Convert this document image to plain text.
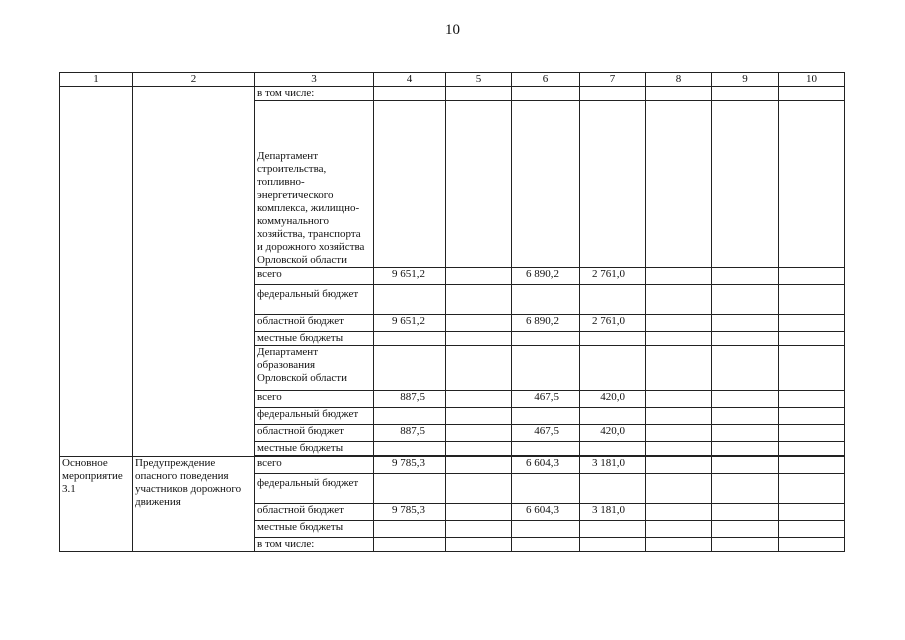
10
1	2	3	4	5	6	7	8	9	10
		в том числе:							

		Департамент строительства, топливно-энергетического комплекса, жилищно-коммунального хозяйства, транспорта и дорожного хозяйства Орловской области							

		всего	9 651,2		6 890,2	2 761,0			
		федеральный бюджет							
		областной бюджет	9 651,2		6 890,2	2 761,0			
		местные бюджеты							

		Департамент образования Орловской области							

		всего	887,5		467,5	420,0			
		федеральный бюджет							
		областной бюджет	887,5		467,5	420,0			
		местные бюджеты							

Основное мероприятие 3.1	Предупреждение опасного поведения участников дорожного движения	всего	9 785,3		6 604,3	3 181,0			
		федеральный бюджет							
		областной бюджет	9 785,3		6 604,3	3 181,0			
		местные бюджеты							
		в том числе:							
